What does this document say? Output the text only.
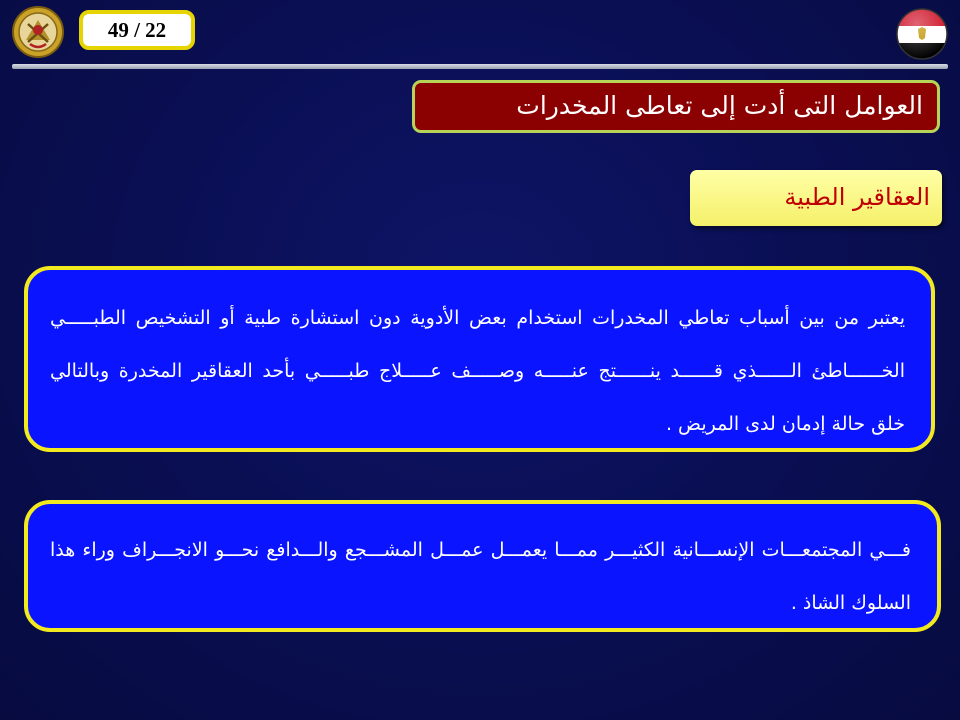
49 / 22
العوامل التى أدت إلى تعاطى المخدرات
العقاقير الطبية

يعتبر من بين أسباب تعاطي المخدرات استخدام بعض الأدوية دون استشارة طبية أو التشخيص الطبـــــي الخــــــاطئ الــــــذي قــــــد ينــــــتج عنـــــه وصـــــف عـــــلاج طبـــــي بأحد العقاقير المخدرة وبالتالي خلق حالة إدمان لدى المريض .

فـــي المجتمعـــات الإنســـانية الكثيـــر ممـــا يعمـــل عمـــل المشـــجع والـــدافع نحـــو الانجـــراف وراء هذا السلوك الشاذ .
